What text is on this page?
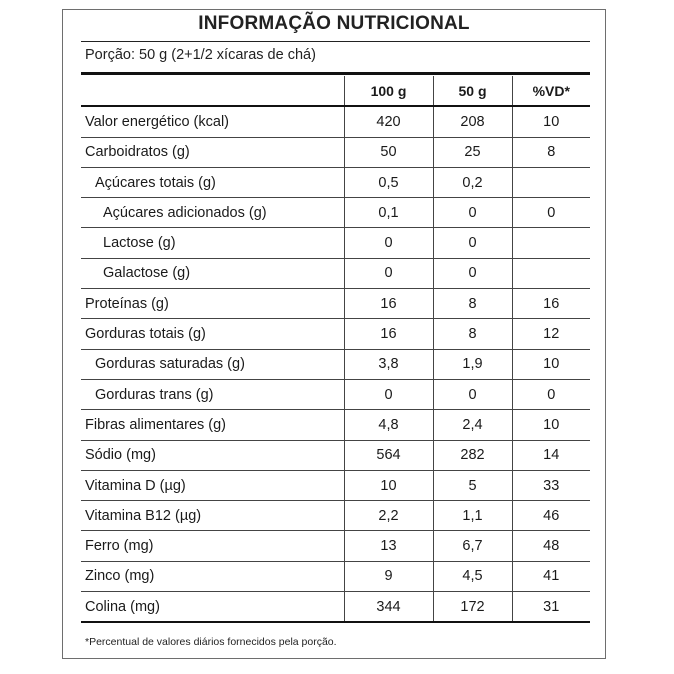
INFORMAÇÃO NUTRICIONAL
Porção: 50 g (2+1/2 xícaras de chá)
	100 g	50 g	%VD*
Valor energético (kcal)	420	208	10
Carboidratos (g)	50	25	8
Açúcares totais (g)	0,5	0,2	
Açúcares adicionados (g)	0,1	0	0
Lactose (g)	0	0	
Galactose (g)	0	0	
Proteínas (g)	16	8	16
Gorduras totais (g)	16	8	12
Gorduras saturadas (g)	3,8	1,9	10
Gorduras trans (g)	0	0	0
Fibras alimentares (g)	4,8	2,4	10
Sódio (mg)	564	282	14
Vitamina D (µg)	10	5	33
Vitamina B12 (µg)	2,2	1,1	46
Ferro (mg)	13	6,7	48
Zinco (mg)	9	4,5	41
Colina (mg)	344	172	31
*Percentual de valores diários fornecidos pela porção.
